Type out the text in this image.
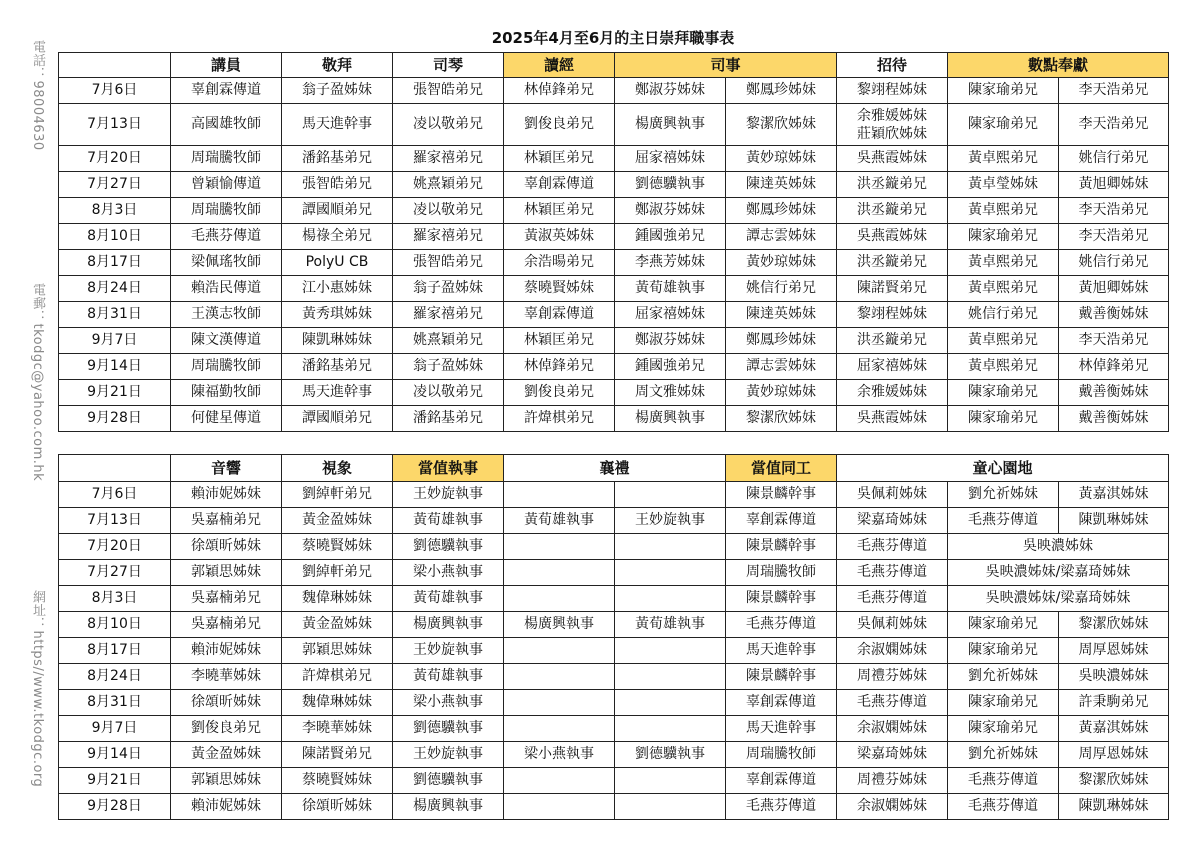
2025年4月至6月的主日崇拜職事表
電話：98004630
電郵：tkodgc@yahoo.com.hk
網址：https//www.tkodgc.org
	講員	敬拜	司琴	讀經	司事		招待	數點奉獻	
7月6日	辜創霖傳道	翁子盈姊妹	張智皓弟兄	林倬鋒弟兄	鄭淑芬姊妹	鄭鳳珍姊妹	黎翊程姊妹	陳家瑜弟兄	李天浩弟兄
7月13日	高國雄牧師	馬天進幹事	凌以敬弟兄	劉俊良弟兄	楊廣興執事	黎潔欣姊妹	余雅媛姊妹
莊穎欣姊妹	陳家瑜弟兄	李天浩弟兄
7月20日	周瑞騰牧師	潘銘基弟兄	羅家禧弟兄	林穎匡弟兄	屈家禧姊妹	黃妙琼姊妹	吳燕霞姊妹	黃卓熙弟兄	姚信行弟兄
7月27日	曾穎愉傳道	張智皓弟兄	姚熹穎弟兄	辜創霖傳道	劉德驥執事	陳達英姊妹	洪丞鏇弟兄	黃卓瑩姊妹	黃旭卿姊妹
8月3日	周瑞騰牧師	譚國順弟兄	凌以敬弟兄	林穎匡弟兄	鄭淑芬姊妹	鄭鳳珍姊妹	洪丞鏇弟兄	黃卓熙弟兄	李天浩弟兄
8月10日	毛燕芬傳道	楊祿全弟兄	羅家禧弟兄	黃淑英姊妹	鍾國強弟兄	譚志雲姊妹	吳燕霞姊妹	陳家瑜弟兄	李天浩弟兄
8月17日	梁佩瑤牧師	PolyU CB	張智皓弟兄	余浩暘弟兄	李燕芳姊妹	黃妙琼姊妹	洪丞鏇弟兄	黃卓熙弟兄	姚信行弟兄
8月24日	賴浩民傳道	江小惠姊妹	翁子盈姊妹	蔡曉賢姊妹	黃荀雄執事	姚信行弟兄	陳諾賢弟兄	黃卓熙弟兄	黃旭卿姊妹
8月31日	王漢志牧師	黃秀琪姊妹	羅家禧弟兄	辜創霖傳道	屈家禧姊妹	陳達英姊妹	黎翊程姊妹	姚信行弟兄	戴善衡姊妹
9月7日	陳文漢傳道	陳凱琳姊妹	姚熹穎弟兄	林穎匡弟兄	鄭淑芬姊妹	鄭鳳珍姊妹	洪丞鏇弟兄	黃卓熙弟兄	李天浩弟兄
9月14日	周瑞騰牧師	潘銘基弟兄	翁子盈姊妹	林倬鋒弟兄	鍾國強弟兄	譚志雲姊妹	屈家禧姊妹	黃卓熙弟兄	林倬鋒弟兄
9月21日	陳福勤牧師	馬天進幹事	凌以敬弟兄	劉俊良弟兄	周文雅姊妹	黃妙琼姊妹	余雅媛姊妹	陳家瑜弟兄	戴善衡姊妹
9月28日	何健星傳道	譚國順弟兄	潘銘基弟兄	許煒棋弟兄	楊廣興執事	黎潔欣姊妹	吳燕霞姊妹	陳家瑜弟兄	戴善衡姊妹
	音響	視象	當值執事	襄禮		當值同工	童心園地		
7月6日	賴沛妮姊妹	劉綽軒弟兄	王妙旋執事			陳景麟幹事	吳佩莉姊妹	劉允祈姊妹	黃嘉淇姊妹
7月13日	吳嘉楠弟兄	黃金盈姊妹	黃荀雄執事	黃荀雄執事	王妙旋執事	辜創霖傳道	梁嘉琦姊妹	毛燕芬傳道	陳凱琳姊妹
7月20日	徐頌昕姊妹	蔡曉賢姊妹	劉德驥執事			陳景麟幹事	毛燕芬傳道	吳映濃姊妹	
7月27日	郭穎思姊妹	劉綽軒弟兄	梁小燕執事			周瑞騰牧師	毛燕芬傳道	吳映濃姊妹/梁嘉琦姊妹	
8月3日	吳嘉楠弟兄	魏偉琳姊妹	黃荀雄執事			陳景麟幹事	毛燕芬傳道	吳映濃姊妹/梁嘉琦姊妹	
8月10日	吳嘉楠弟兄	黃金盈姊妹	楊廣興執事	楊廣興執事	黃荀雄執事	毛燕芬傳道	吳佩莉姊妹	陳家瑜弟兄	黎潔欣姊妹
8月17日	賴沛妮姊妹	郭穎思姊妹	王妙旋執事			馬天進幹事	余淑嫻姊妹	陳家瑜弟兄	周厚恩姊妹
8月24日	李曉華姊妹	許煒棋弟兄	黃荀雄執事			陳景麟幹事	周禮芬姊妹	劉允祈姊妹	吳映濃姊妹
8月31日	徐頌昕姊妹	魏偉琳姊妹	梁小燕執事			辜創霖傳道	毛燕芬傳道	陳家瑜弟兄	許秉駒弟兄
9月7日	劉俊良弟兄	李曉華姊妹	劉德驥執事			馬天進幹事	余淑嫻姊妹	陳家瑜弟兄	黃嘉淇姊妹
9月14日	黃金盈姊妹	陳諾賢弟兄	王妙旋執事	梁小燕執事	劉德驥執事	周瑞騰牧師	梁嘉琦姊妹	劉允祈姊妹	周厚恩姊妹
9月21日	郭穎思姊妹	蔡曉賢姊妹	劉德驥執事			辜創霖傳道	周禮芬姊妹	毛燕芬傳道	黎潔欣姊妹
9月28日	賴沛妮姊妹	徐頌昕姊妹	楊廣興執事			毛燕芬傳道	余淑嫻姊妹	毛燕芬傳道	陳凱琳姊妹
